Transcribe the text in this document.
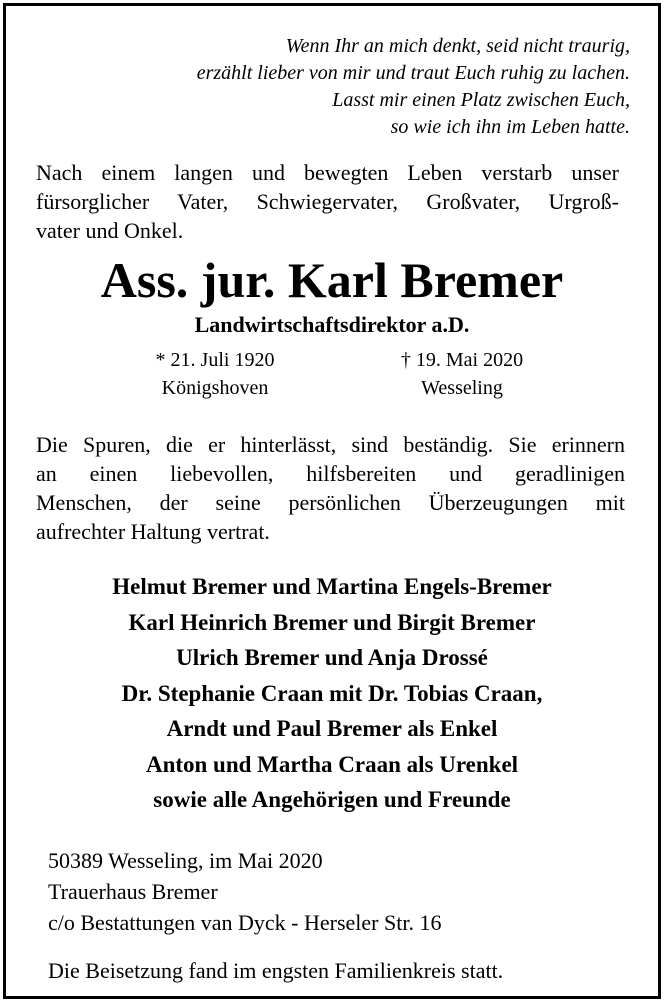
Wenn Ihr an mich denkt, seid nicht traurig,
erzählt lieber von mir und traut Euch ruhig zu lachen.
Lasst mir einen Platz zwischen Euch,
so wie ich ihn im Leben hatte.
Nach einem langen und bewegten Leben verstarb unser
fürsorglicher Vater, Schwiegervater, Großvater, Urgroß-
vater und Onkel.
Ass. jur. Karl Bremer
Landwirtschaftsdirektor a.D.
* 21. Juli 1920
Königshoven
† 19. Mai 2020
Wesseling
Die Spuren, die er hinterlässt, sind beständig. Sie erinnern
an einen liebevollen, hilfsbereiten und geradlinigen
Menschen, der seine persönlichen Überzeugungen mit
aufrechter Haltung vertrat.
Helmut Bremer und Martina Engels-Bremer
Karl Heinrich Bremer und Birgit Bremer
Ulrich Bremer und Anja Drossé
Dr. Stephanie Craan mit Dr. Tobias Craan,
Arndt und Paul Bremer als Enkel
Anton und Martha Craan als Urenkel
sowie alle Angehörigen und Freunde
50389 Wesseling, im Mai 2020
Trauerhaus Bremer
c/o Bestattungen van Dyck - Herseler Str. 16
Die Beisetzung fand im engsten Familienkreis statt.
